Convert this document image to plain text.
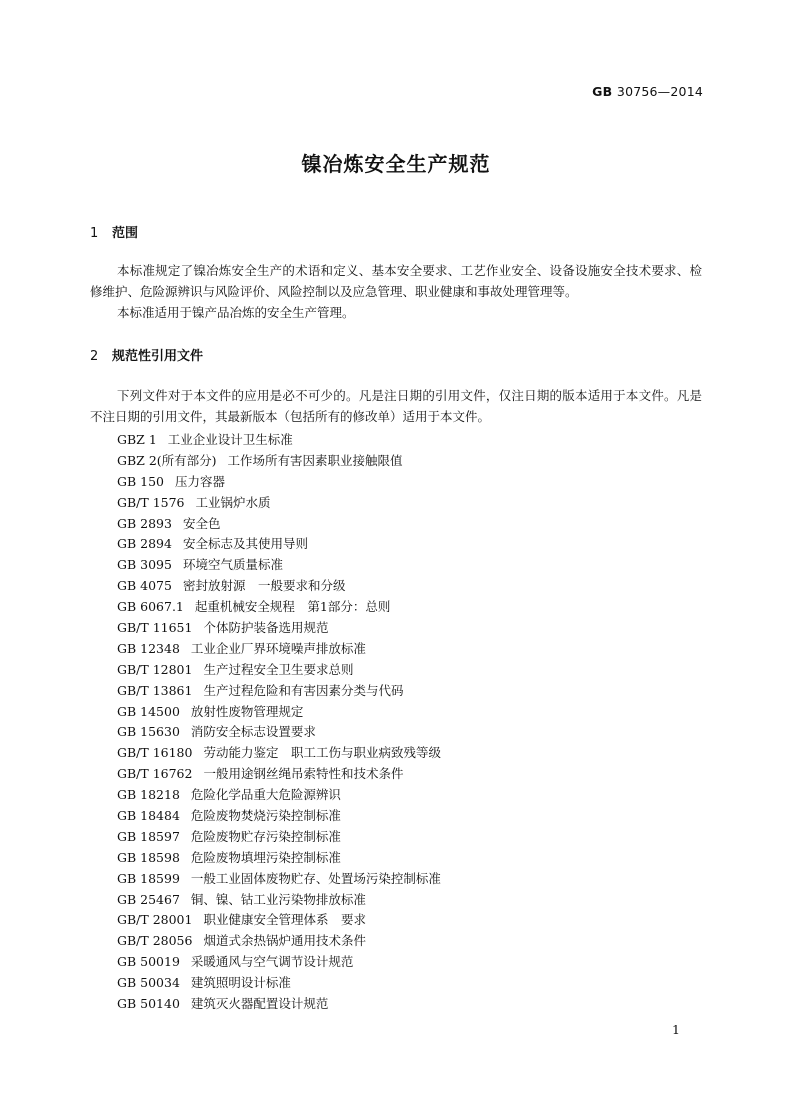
GB 30756—2014
镍冶炼安全生产规范
1 范围
本标准规定了镍冶炼安全生产的术语和定义、基本安全要求、工艺作业安全、设备设施安全技术要求、检修维护、危险源辨识与风险评价、风险控制以及应急管理、职业健康和事故处理管理等。
本标准适用于镍产品冶炼的安全生产管理。
2 规范性引用文件
下列文件对于本文件的应用是必不可少的。凡是注日期的引用文件，仅注日期的版本适用于本文件。凡是不注日期的引用文件，其最新版本（包括所有的修改单）适用于本文件。
GBZ 1 工业企业设计卫生标准
GBZ 2(所有部分) 工作场所有害因素职业接触限值
GB 150 压力容器
GB/T 1576 工业锅炉水质
GB 2893 安全色
GB 2894 安全标志及其使用导则
GB 3095 环境空气质量标准
GB 4075 密封放射源　一般要求和分级
GB 6067.1 起重机械安全规程　第1部分：总则
GB/T 11651 个体防护装备选用规范
GB 12348 工业企业厂界环境噪声排放标准
GB/T 12801 生产过程安全卫生要求总则
GB/T 13861 生产过程危险和有害因素分类与代码
GB 14500 放射性废物管理规定
GB 15630 消防安全标志设置要求
GB/T 16180 劳动能力鉴定　职工工伤与职业病致残等级
GB/T 16762 一般用途钢丝绳吊索特性和技术条件
GB 18218 危险化学品重大危险源辨识
GB 18484 危险废物焚烧污染控制标准
GB 18597 危险废物贮存污染控制标准
GB 18598 危险废物填埋污染控制标准
GB 18599 一般工业固体废物贮存、处置场污染控制标准
GB 25467 铜、镍、钴工业污染物排放标准
GB/T 28001 职业健康安全管理体系　要求
GB/T 28056 烟道式余热锅炉通用技术条件
GB 50019 采暖通风与空气调节设计规范
GB 50034 建筑照明设计标准
GB 50140 建筑灭火器配置设计规范
1
